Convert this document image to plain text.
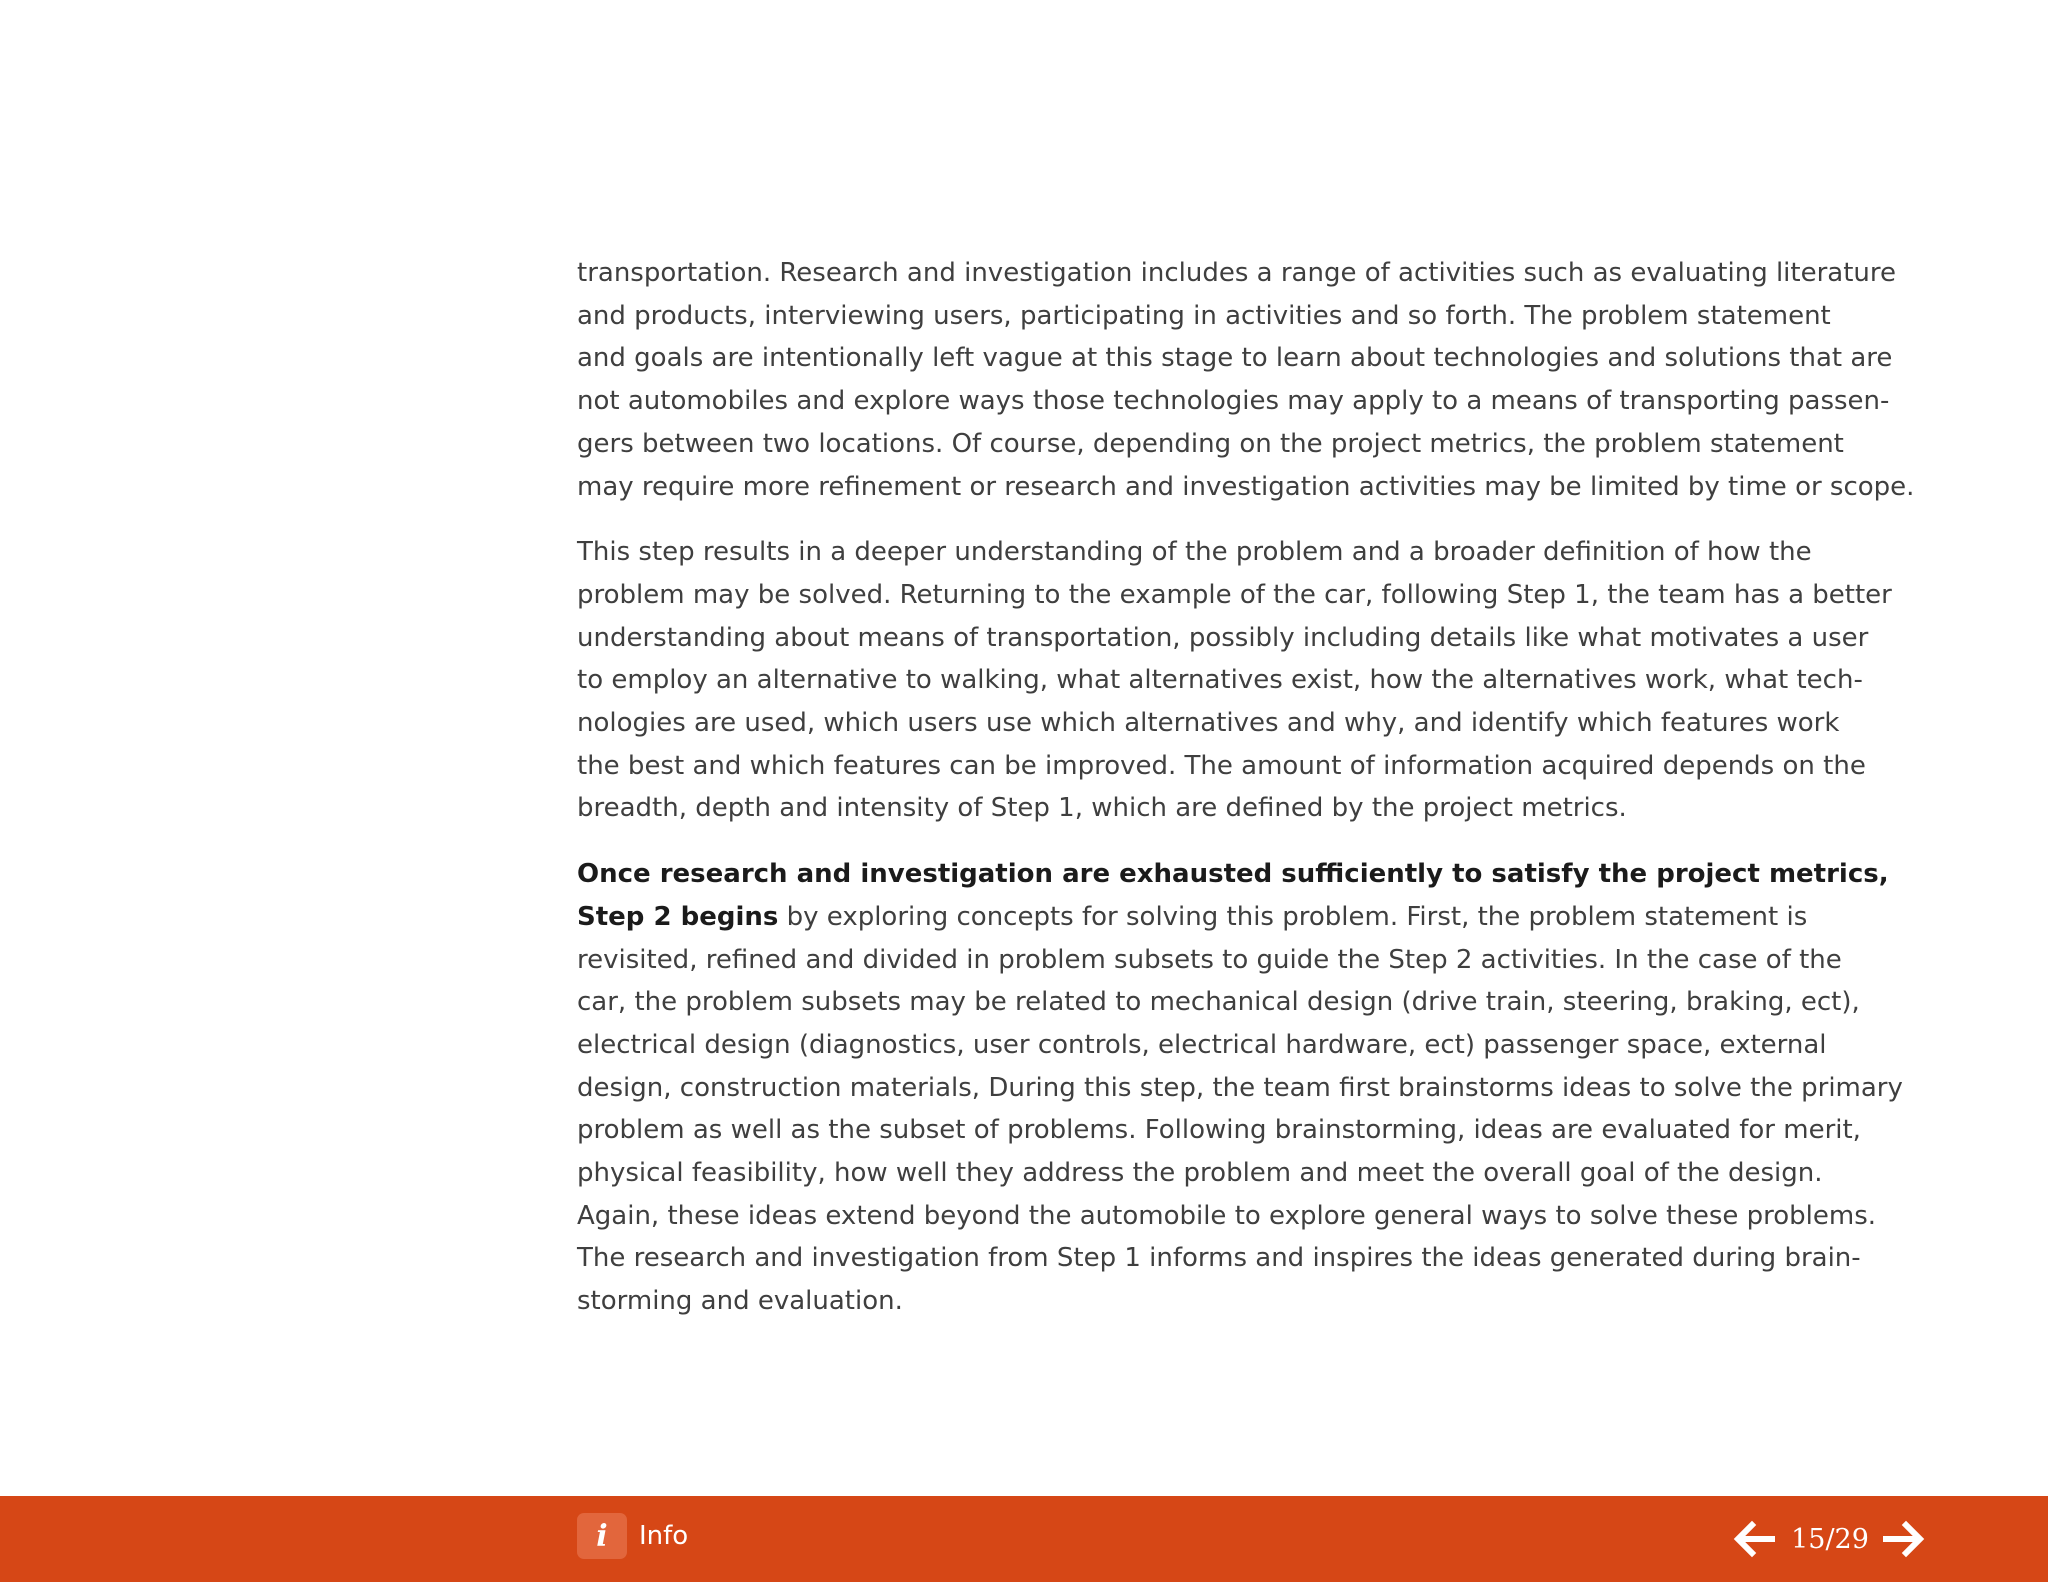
transportation. Research and investigation includes a range of activities such as evaluating literature
and products, interviewing users, participating in activities and so forth. The problem statement
and goals are intentionally left vague at this stage to learn about technologies and solutions that are
not automobiles and explore ways those technologies may apply to a means of transporting passen-
gers between two locations. Of course, depending on the project metrics, the problem statement
may require more refinement or research and investigation activities may be limited by time or scope.
This step results in a deeper understanding of the problem and a broader definition of how the
problem may be solved. Returning to the example of the car, following Step 1, the team has a better
understanding about means of transportation, possibly including details like what motivates a user
to employ an alternative to walking, what alternatives exist, how the alternatives work, what tech-
nologies are used, which users use which alternatives and why, and identify which features work
the best and which features can be improved. The amount of information acquired depends on the
breadth, depth and intensity of Step 1, which are defined by the project metrics.
Once research and investigation are exhausted sufficiently to satisfy the project metrics,
Step 2 begins by exploring concepts for solving this problem. First, the problem statement is
revisited, refined and divided in problem subsets to guide the Step 2 activities. In the case of the
car, the problem subsets may be related to mechanical design (drive train, steering, braking, ect),
electrical design (diagnostics, user controls, electrical hardware, ect) passenger space, external
design, construction materials, During this step, the team first brainstorms ideas to solve the primary
problem as well as the subset of problems. Following brainstorming, ideas are evaluated for merit,
physical feasibility, how well they address the problem and meet the overall goal of the design.
Again, these ideas extend beyond the automobile to explore general ways to solve these problems.
The research and investigation from Step 1 informs and inspires the ideas generated during brain-
storming and evaluation.
i	Info	15/29
